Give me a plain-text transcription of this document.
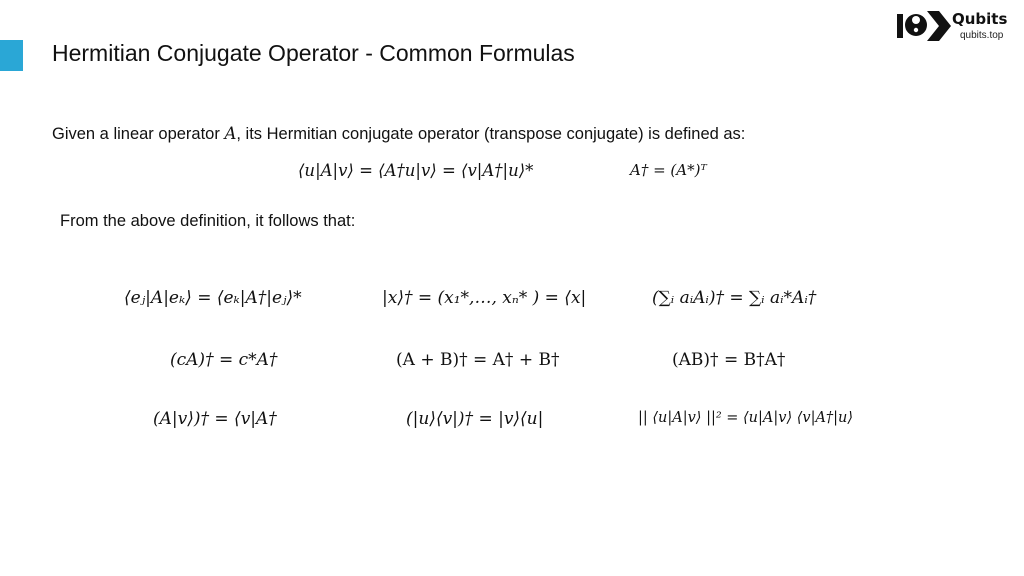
Hermitian Conjugate Operator - Common Formulas
Qubits
qubits.top
Given a linear operator A, its Hermitian conjugate operator (transpose conjugate) is defined as:
⟨u|A|v⟩ = ⟨A†u|v⟩ = ⟨v|A†|u⟩*	A† = (A*)ᵀ
From the above definition, it follows that:
⟨eⱼ|A|eₖ⟩ = ⟨eₖ|A†|eⱼ⟩*	|x⟩† = (x₁*,…, xₙ* ) = ⟨x|	(∑ᵢ aᵢAᵢ)† = ∑ᵢ aᵢ*Aᵢ†
(cA)† = c*A†	(A + B)† = A† + B†	(AB)† = B†A†
(A|v⟩)† = ⟨v|A†	(|u⟩⟨v|)† = |v⟩⟨u|	|| ⟨u|A|v⟩ ||² = ⟨u|A|v⟩ ⟨v|A†|u⟩
